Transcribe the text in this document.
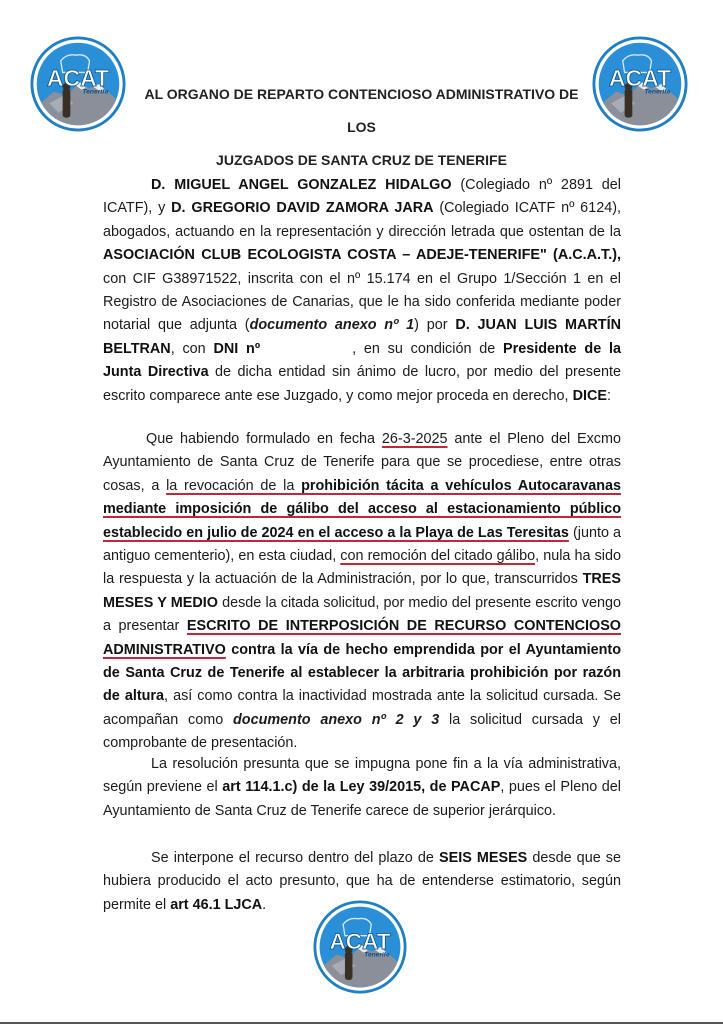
AL ORGANO DE REPARTO CONTENCIOSO ADMINISTRATIVO DE LOS
JUZGADOS DE SANTA CRUZ DE TENERIFE

D. MIGUEL ANGEL GONZALEZ HIDALGO (Colegiado nº 2891 del ICATF), y D. GREGORIO DAVID ZAMORA JARA (Colegiado ICATF nº 6124), abogados, actuando en la representación y dirección letrada que ostentan de la ASOCIACIÓN CLUB ECOLOGISTA COSTA – ADEJE-TENERIFE" (A.C.A.T.), con CIF G38971522, inscrita con el nº 15.174 en el Grupo 1/Sección 1 en el Registro de Asociaciones de Canarias, que le ha sido conferida mediante poder notarial que adjunta (documento anexo nº 1) por D. JUAN LUIS MARTÍN BELTRAN, con DNI nº	, en su condición de Presidente de la Junta Directiva de dicha entidad sin ánimo de lucro, por medio del presente escrito comparece ante ese Juzgado, y como mejor proceda en derecho, DICE:

Que habiendo formulado en fecha 26-3-2025 ante el Pleno del Excmo Ayuntamiento de Santa Cruz de Tenerife para que se procediese, entre otras cosas, a la revocación de la prohibición tácita a vehículos Autocaravanas mediante imposición de gálibo del acceso al estacionamiento público establecido en julio de 2024 en el acceso a la Playa de Las Teresitas (junto a antiguo cementerio), en esta ciudad, con remoción del citado gálibo, nula ha sido la respuesta y la actuación de la Administración, por lo que, transcurridos TRES MESES Y MEDIO desde la citada solicitud, por medio del presente escrito vengo a presentar ESCRITO DE INTERPOSICIÓN DE RECURSO CONTENCIOSO ADMINISTRATIVO contra la vía de hecho emprendida por el Ayuntamiento de Santa Cruz de Tenerife al establecer la arbitraria prohibición por razón de altura, así como contra la inactividad mostrada ante la solicitud cursada. Se acompañan como documento anexo nº 2 y 3 la solicitud cursada y el comprobante de presentación.

La resolución presunta que se impugna pone fin a la vía administrativa, según previene el art 114.1.c) de la Ley 39/2015, de PACAP, pues el Pleno del Ayuntamiento de Santa Cruz de Tenerife carece de superior jerárquico.

Se interpone el recurso dentro del plazo de SEIS MESES desde que se hubiera producido el acto presunto, que ha de entenderse estimatorio, según permite el art 46.1 LJCA.
